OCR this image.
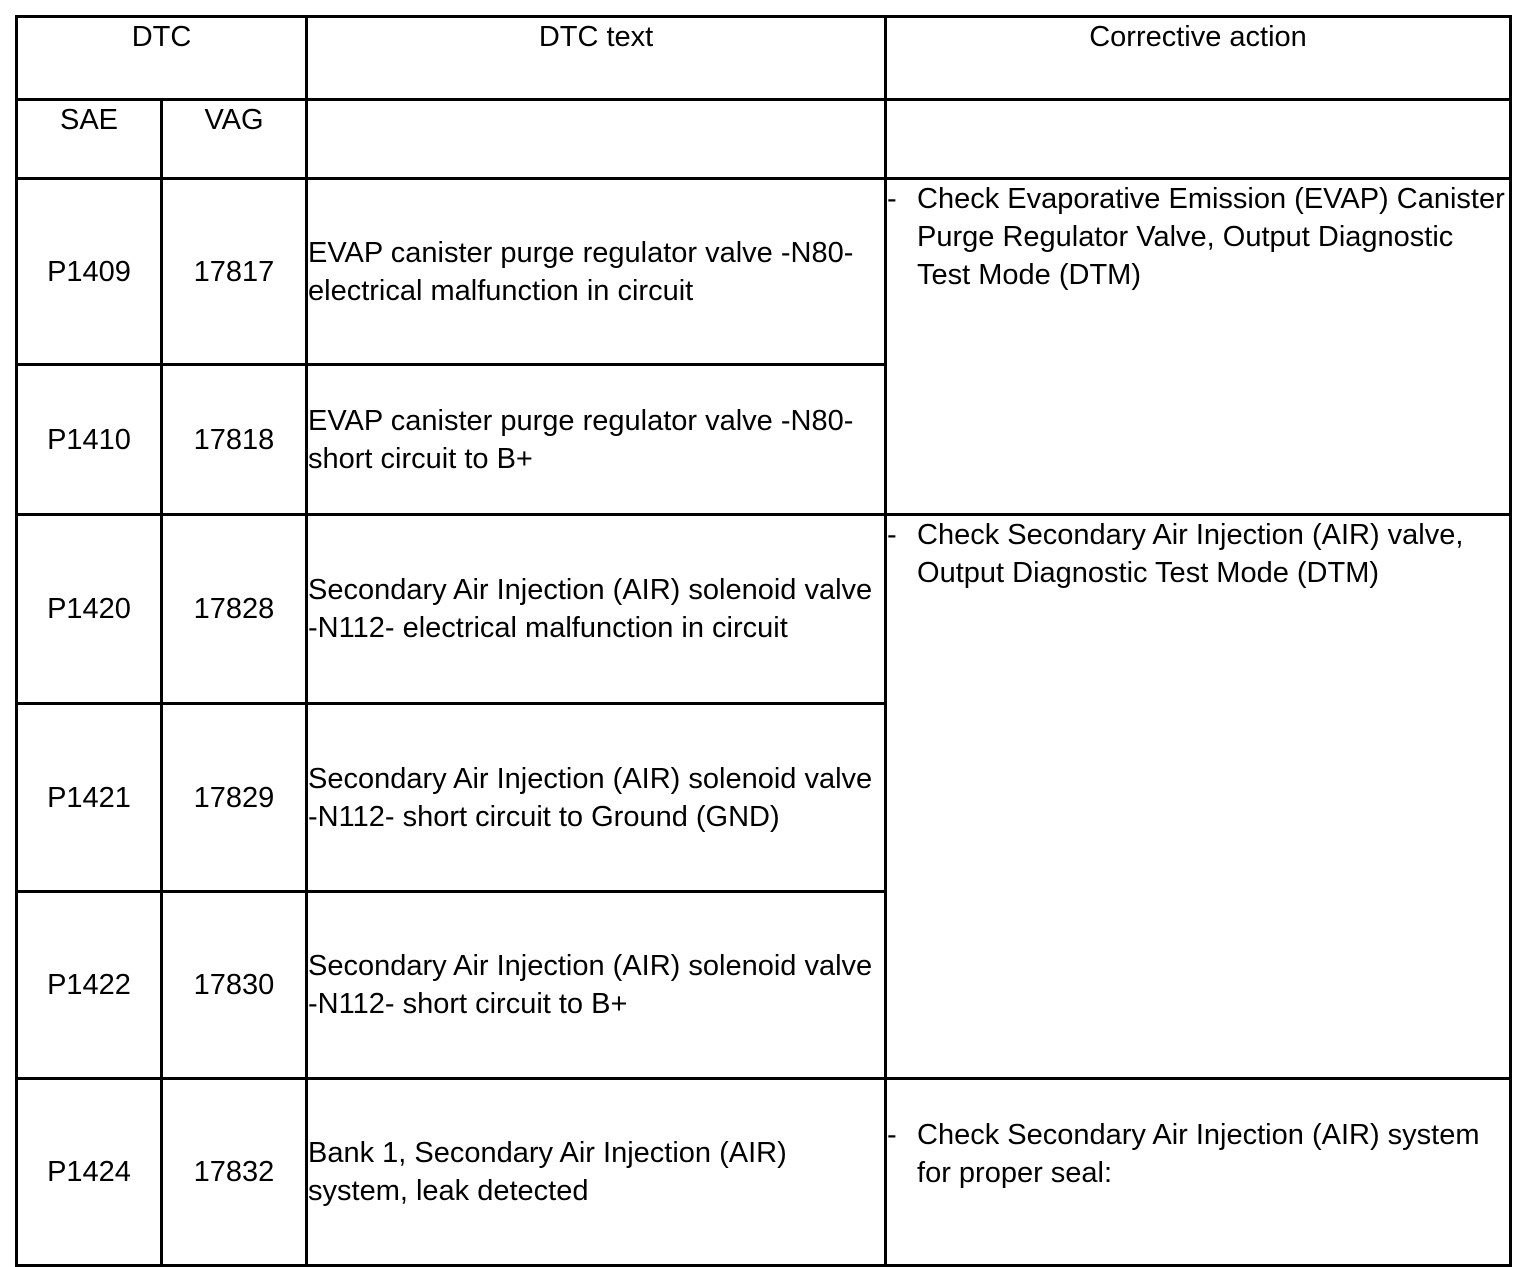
DTC		DTC text	Corrective action
SAE	VAG		
P1409	17817	EVAP canister purge regulator valve -N80- electrical malfunction in circuit	- Check Evaporative Emission (EVAP) Canister Purge Regulator Valve, Output Diagnostic Test Mode (DTM)

P1410	17818	EVAP canister purge regulator valve -N80- short circuit to B+	
P1420	17828	Secondary Air Injection (AIR) solenoid valve -N112- electrical malfunction in circuit	- Check Secondary Air Injection (AIR) valve, Output Diagnostic Test Mode (DTM)

P1421	17829	Secondary Air Injection (AIR) solenoid valve -N112- short circuit to Ground (GND)	
P1422	17830	Secondary Air Injection (AIR) solenoid valve -N112- short circuit to B+	
P1424	17832	Bank 1, Secondary Air Injection (AIR) system, leak detected	- Check Secondary Air Injection (AIR) system for proper seal:
